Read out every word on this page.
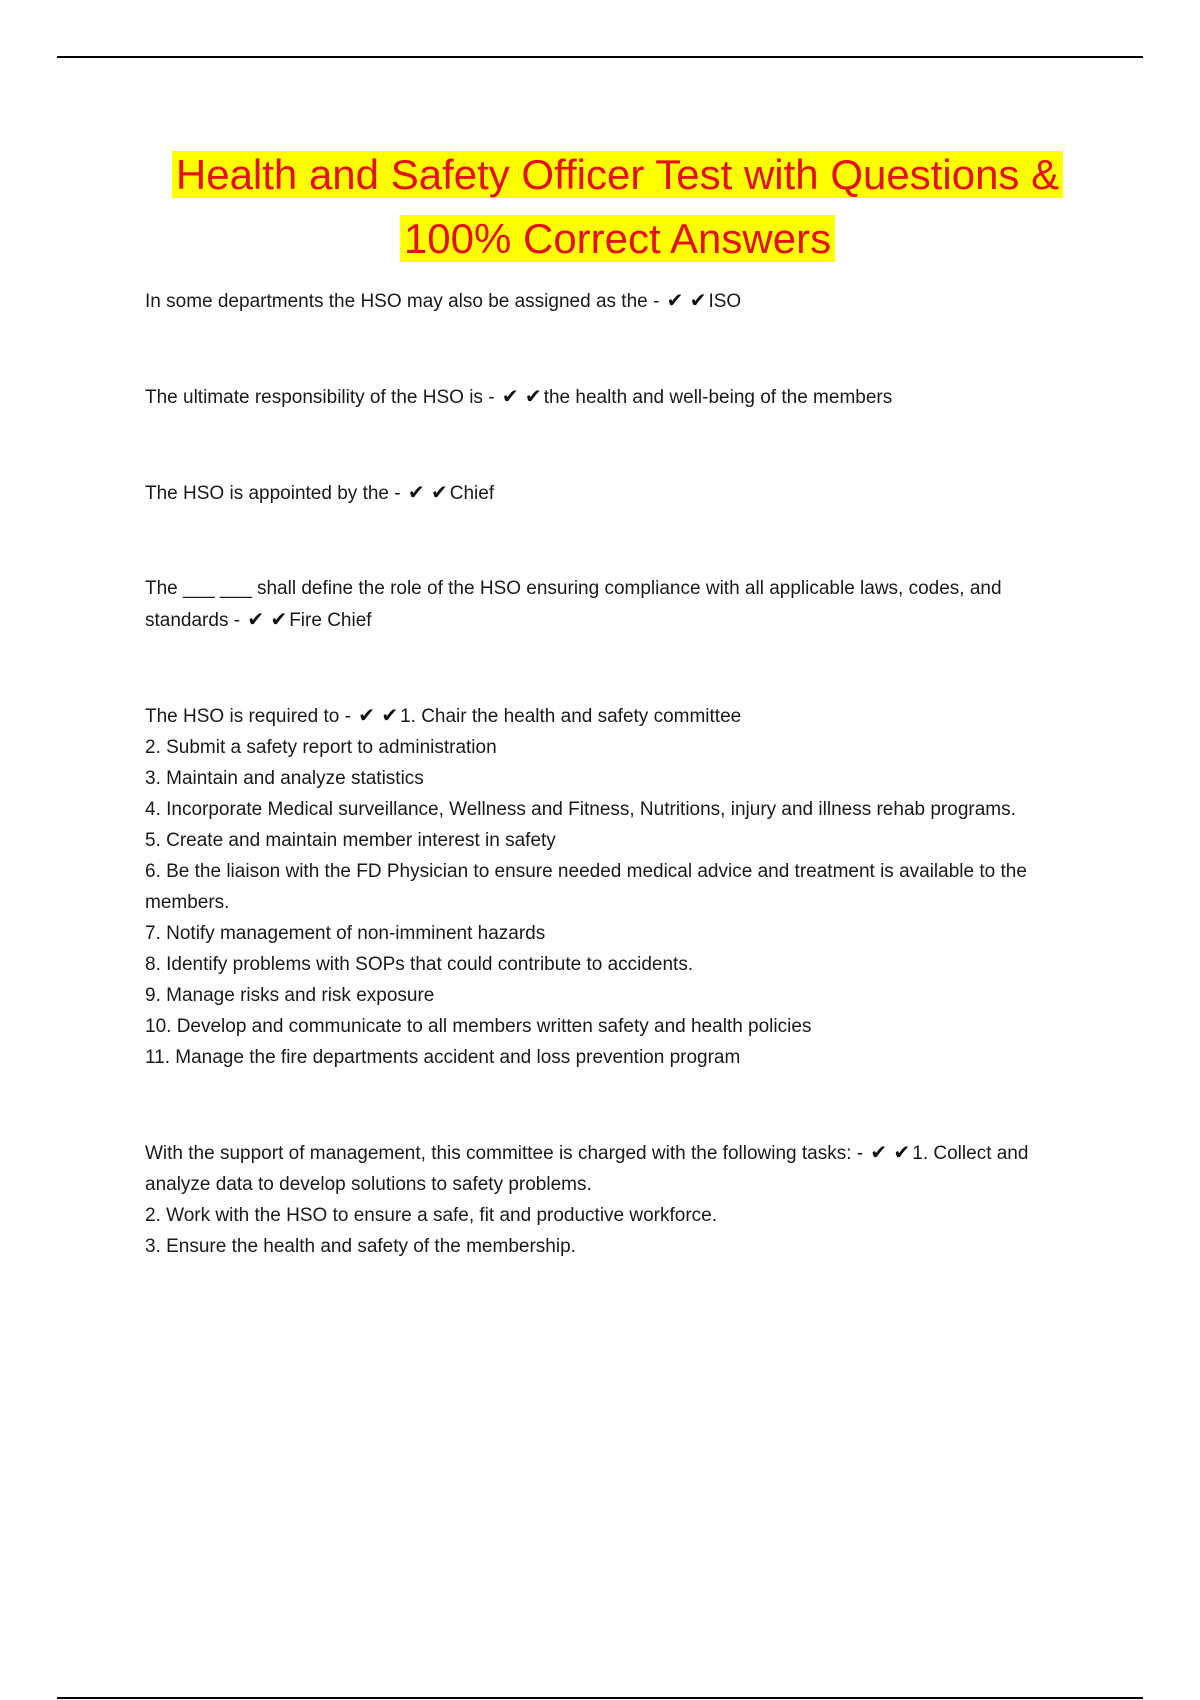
Health and Safety Officer Test with Questions &
100% Correct Answers

In some departments the HSO may also be assigned as the - ✔ ✔ ISO

The ultimate responsibility of the HSO is - ✔ ✔ the health and well-being of the members

The HSO is appointed by the - ✔ ✔ Chief

The ___ ___ shall define the role of the HSO ensuring compliance with all applicable laws, codes, and standards - ✔ ✔ Fire Chief

The HSO is required to - ✔ ✔ 1. Chair the health and safety committee

2. Submit a safety report to administration

3. Maintain and analyze statistics

4. Incorporate Medical surveillance, Wellness and Fitness, Nutritions, injury and illness rehab programs.

5. Create and maintain member interest in safety

6. Be the liaison with the FD Physician to ensure needed medical advice and treatment is available to the members.

7. Notify management of non-imminent hazards

8. Identify problems with SOPs that could contribute to accidents.

9. Manage risks and risk exposure

10. Develop and communicate to all members written safety and health policies

11. Manage the fire departments accident and loss prevention program

With the support of management, this committee is charged with the following tasks: - ✔ ✔ 1. Collect and analyze data to develop solutions to safety problems.

2. Work with the HSO to ensure a safe, fit and productive workforce.

3. Ensure the health and safety of the membership.
